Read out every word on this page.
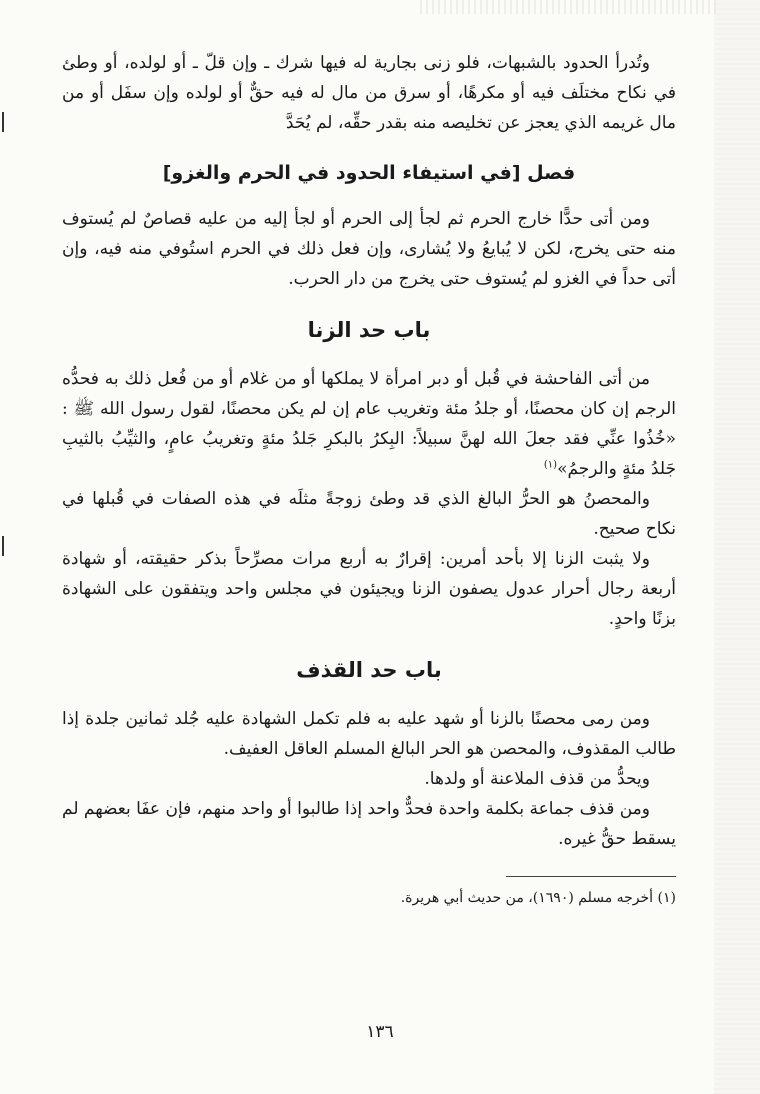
وتُدرأ الحدود بالشبهات، فلو زنى بجارية له فيها شرك ـ وإن قلّ ـ أو لولده، أو وطئ في نكاح مختلَف فيه أو مكرهًا، أو سرق من مال له فيه حقٌّ أو لولده وإن سفَل أو من مال غريمه الذي يعجز عن تخليصه منه بقدر حقِّه، لم يُحَدَّ

فصل [في استيفاء الحدود في الحرم والغزو]

ومن أتى حدًّا خارج الحرم ثم لجأ إلى الحرم أو لجأ إليه من عليه قصاصٌ لم يُستوف منه حتى يخرج، لكن لا يُبايعُ ولا يُشارى، وإن فعل ذلك في الحرم استُوفي منه فيه، وإن أتى حداً في الغزو لم يُستوف حتى يخرج من دار الحرب.

باب حد الزنا

من أتى الفاحشة في قُبل أو دبر امرأة لا يملكها أو من غلام أو من فُعل ذلك به فحدُّه الرجم إن كان محصنًا، أو جلدُ مئة وتغريب عام إن لم يكن محصنًا، لقول رسول الله ﷺ : «خُذُوا عنِّي فقد جعلَ الله لهنَّ سبيلاً: البِكرُ بالبكرِ جَلدُ مئةٍ وتغريبُ عامٍ، والثيِّبُ بالثيبِ جَلدُ مئةٍ والرجمُ»$^{(١)}$

والمحصنُ هو الحرُّ البالغ الذي قد وطئ زوجةً مثلَه في هذه الصفات في قُبلها في نكاح صحيح.

ولا يثبت الزنا إلا بأحد أمرين: إقرارٌ به أربع مرات مصرِّحاً بذكر حقيقته، أو شهادة أربعة رجال أحرار عدول يصفون الزنا ويجيئون في مجلس واحد ويتفقون على الشهادة بزنًا واحدٍ.

باب حد القذف

ومن رمى محصنًا بالزنا أو شهد عليه به فلم تكمل الشهادة عليه جُلد ثمانين جلدة إذا طالب المقذوف، والمحصن هو الحر البالغ المسلم العاقل العفيف.

ويحدُّ من قذف الملاعنة أو ولدها.

ومن قذف جماعة بكلمة واحدة فحدٌّ واحد إذا طالبوا أو واحد منهم، فإن عفَا بعضهم لم يسقط حقُّ غيره.

(١) أخرجه مسلم (١٦٩٠)، من حديث أبي هريرة.
١٣٦
